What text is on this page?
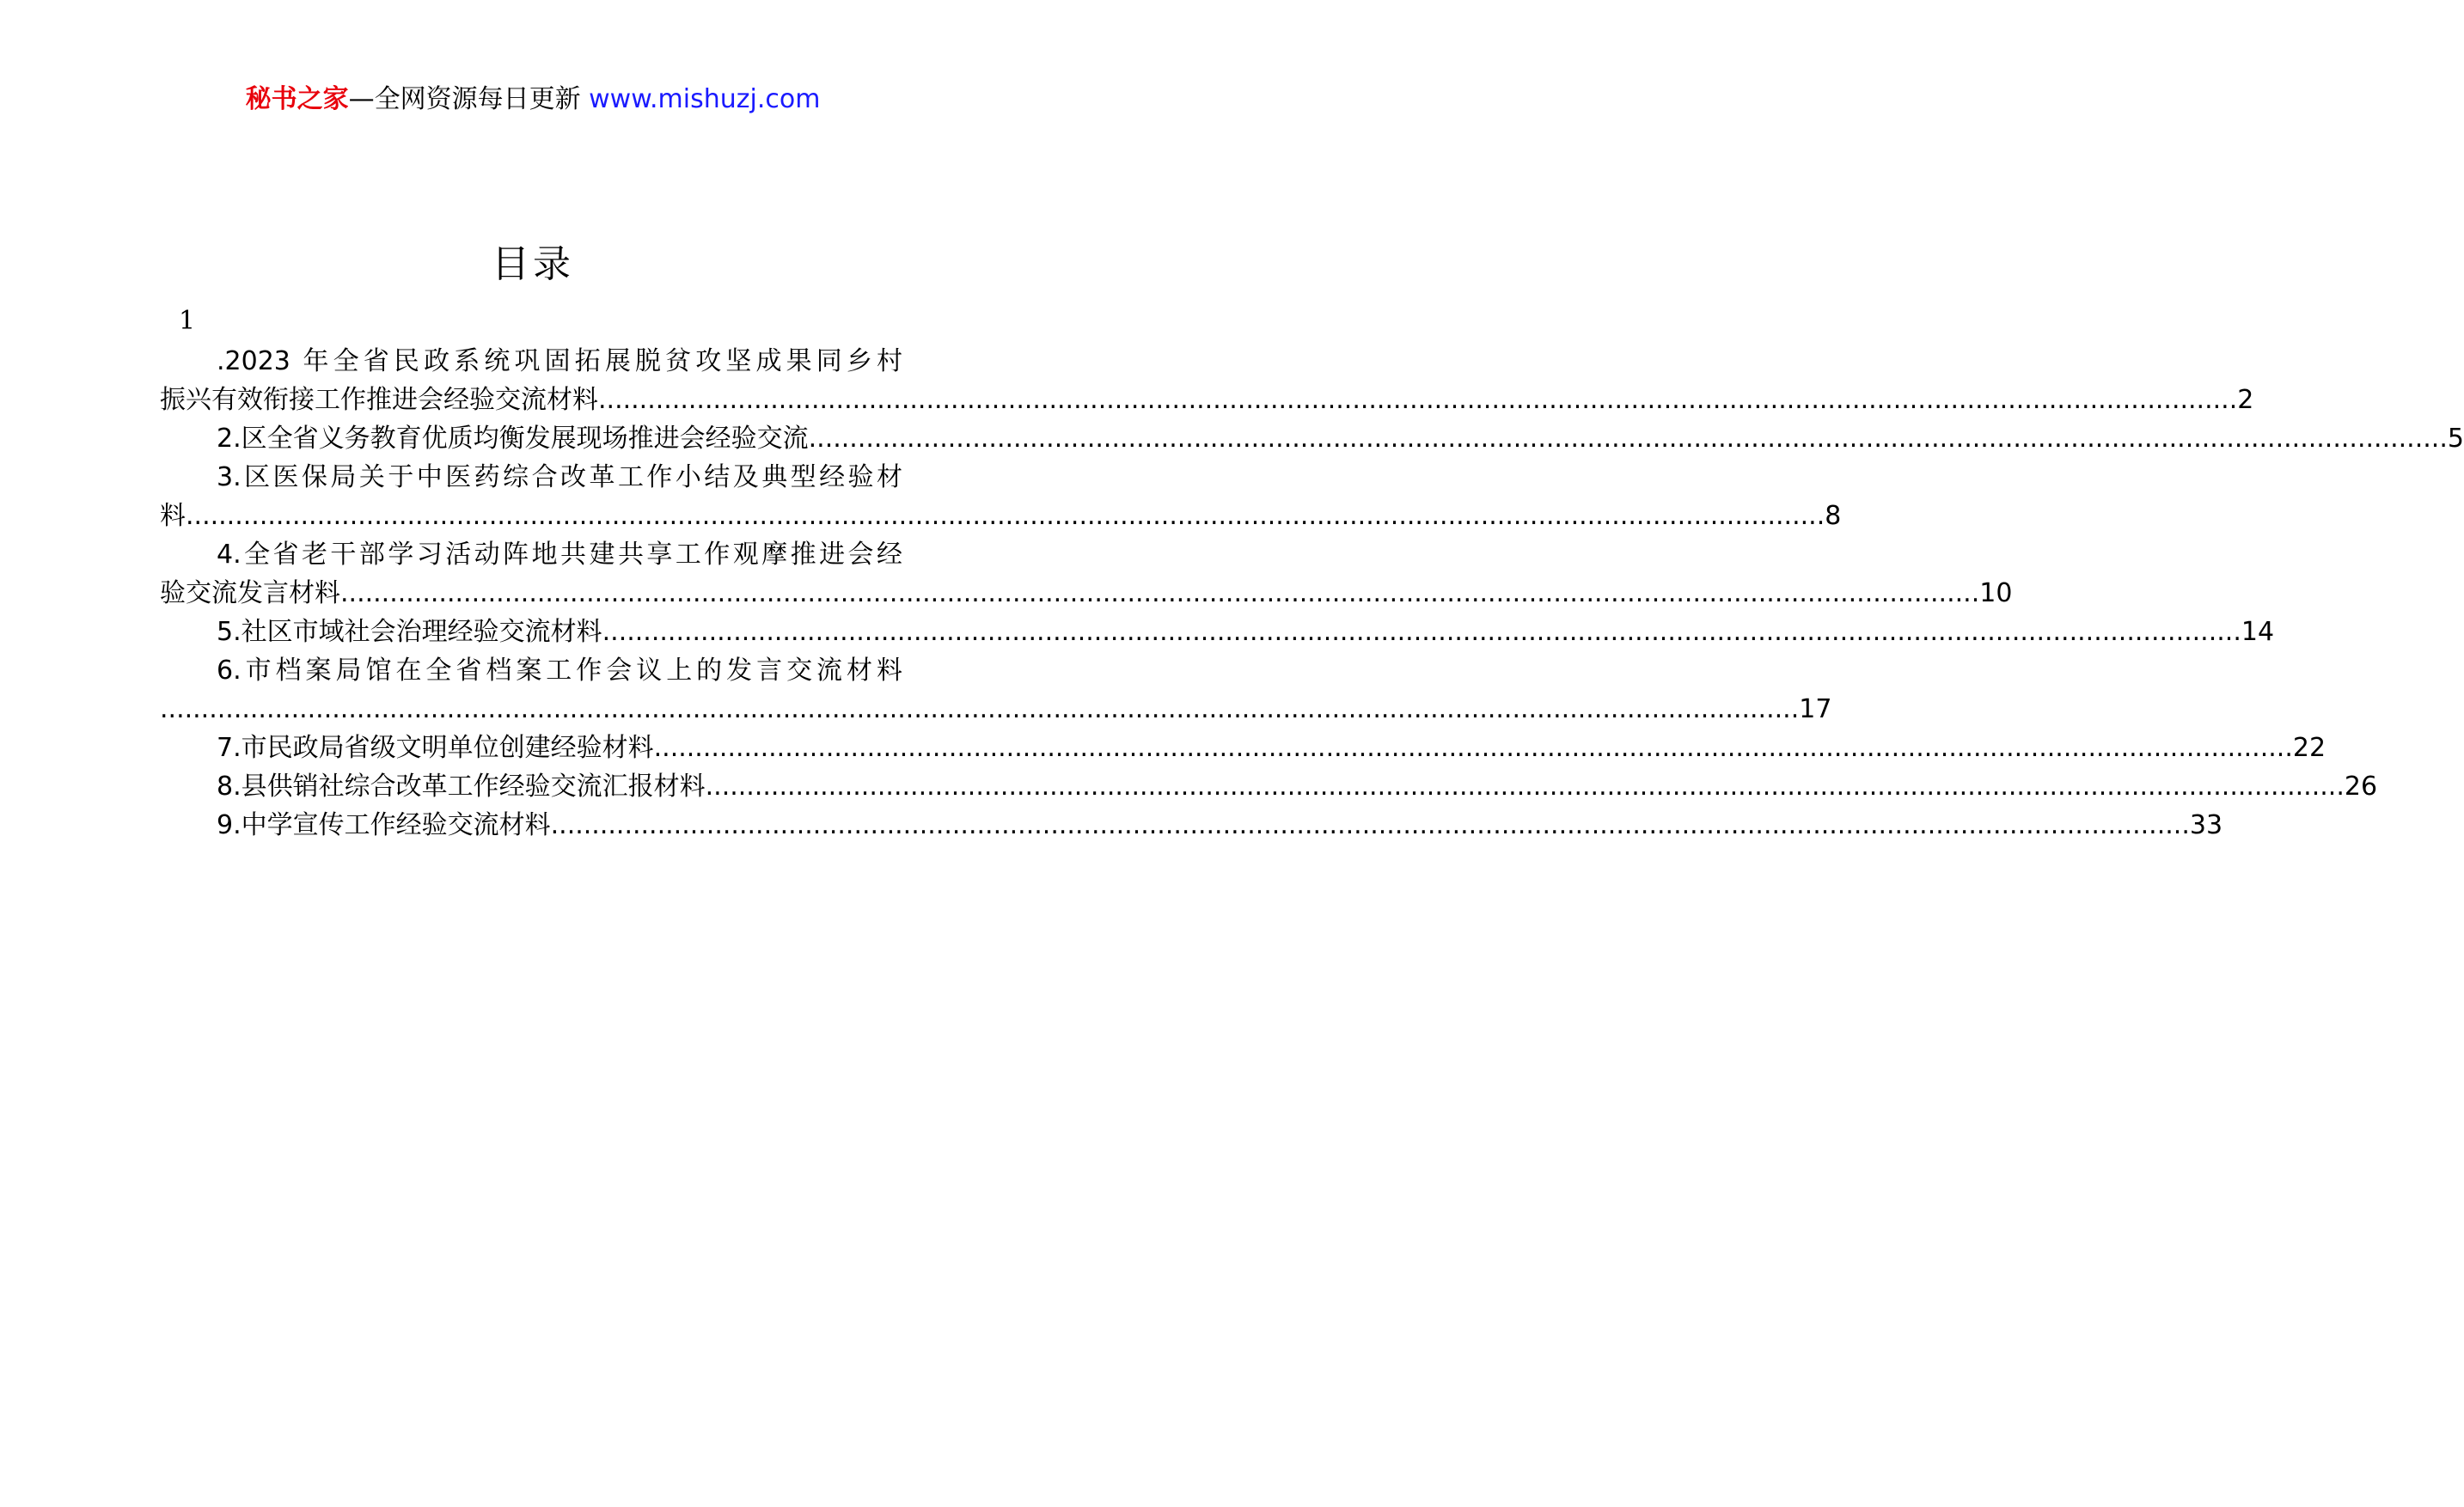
秘书之家—全网资源每日更新 www.mishuzj.com
目录
1
.2023 年全省民政系统巩固拓展脱贫攻坚成果同乡村
振兴有效衔接工作推进会经验交流材料 ........................................................................................................................................................................................................ 2
2.区全省义务教育优质均衡发展现场推进会经验交流 ........................................................................................................................................................................................................ 5
3.区医保局关于中医药综合改革工作小结及典型经验材
料 ........................................................................................................................................................................................................ 8
4.全省老干部学习活动阵地共建共享工作观摩推进会经
验交流发言材料 ........................................................................................................................................................................................................ 10
5.社区市域社会治理经验交流材料 ........................................................................................................................................................................................................ 14
6.市档案局馆在全省档案工作会议上的发言交流材料
........................................................................................................................................................................................................ 17
7.市民政局省级文明单位创建经验材料 ........................................................................................................................................................................................................ 22
8.县供销社综合改革工作经验交流汇报材料 ........................................................................................................................................................................................................ 26
9.中学宣传工作经验交流材料 ........................................................................................................................................................................................................ 33
